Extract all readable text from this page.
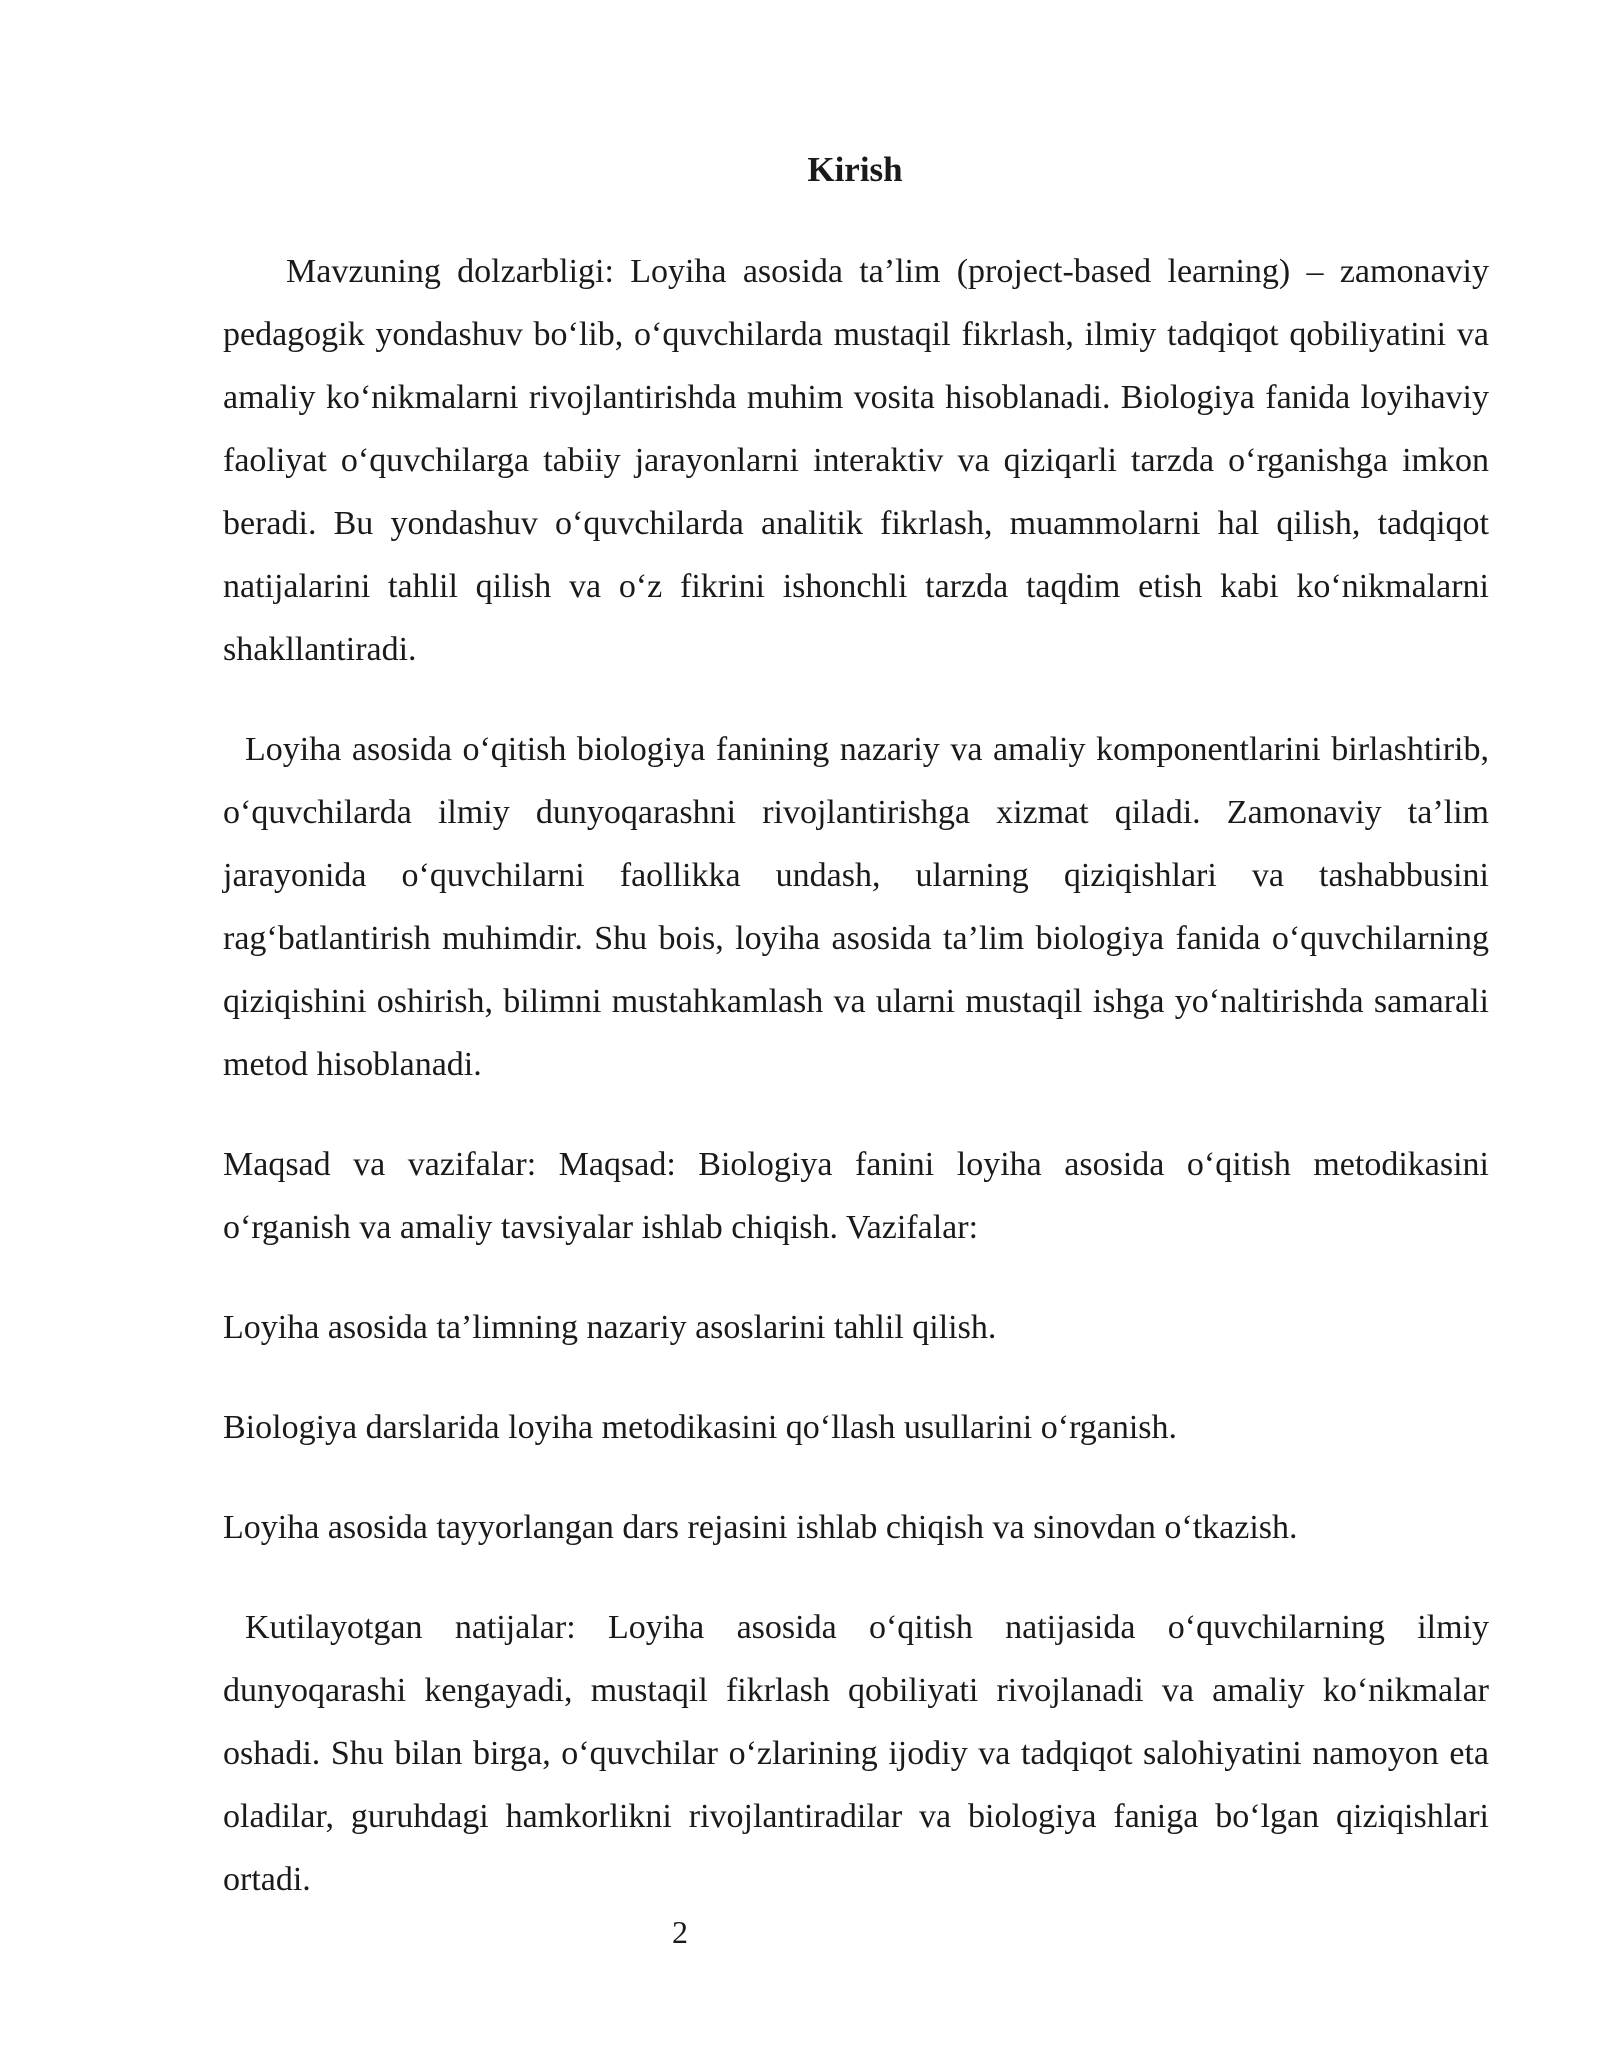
Kirish

Mavzuning dolzarbligi: Loyiha asosida ta’lim (project-based learning) – zamonaviy pedagogik yondashuv bo‘lib, o‘quvchilarda mustaqil fikrlash, ilmiy tadqiqot qobiliyatini va amaliy ko‘nikmalarni rivojlantirishda muhim vosita hisoblanadi. Biologiya fanida loyihaviy faoliyat o‘quvchilarga tabiiy jarayonlarni interaktiv va qiziqarli tarzda o‘rganishga imkon beradi. Bu yondashuv o‘quvchilarda analitik fikrlash, muammolarni hal qilish, tadqiqot natijalarini tahlil qilish va o‘z fikrini ishonchli tarzda taqdim etish kabi ko‘nikmalarni shakllantiradi.

Loyiha asosida o‘qitish biologiya fanining nazariy va amaliy komponentlarini birlashtirib, o‘quvchilarda ilmiy dunyoqarashni rivojlantirishga xizmat qiladi. Zamonaviy ta’lim jarayonida o‘quvchilarni faollikka undash, ularning qiziqishlari va tashabbusini rag‘batlantirish muhimdir. Shu bois, loyiha asosida ta’lim biologiya fanida o‘quvchilarning qiziqishini oshirish, bilimni mustahkamlash va ularni mustaqil ishga yo‘naltirishda samarali metod hisoblanadi.

Maqsad va vazifalar: Maqsad: Biologiya fanini loyiha asosida o‘qitish metodikasini o‘rganish va amaliy tavsiyalar ishlab chiqish. Vazifalar:

Loyiha asosida ta’limning nazariy asoslarini tahlil qilish.

Biologiya darslarida loyiha metodikasini qo‘llash usullarini o‘rganish.

Loyiha asosida tayyorlangan dars rejasini ishlab chiqish va sinovdan o‘tkazish.

Kutilayotgan natijalar: Loyiha asosida o‘qitish natijasida o‘quvchilarning ilmiy dunyoqarashi kengayadi, mustaqil fikrlash qobiliyati rivojlanadi va amaliy ko‘nikmalar oshadi. Shu bilan birga, o‘quvchilar o‘zlarining ijodiy va tadqiqot salohiyatini namoyon eta oladilar, guruhdagi hamkorlikni rivojlantiradilar va biologiya faniga bo‘lgan qiziqishlari ortadi.

2
